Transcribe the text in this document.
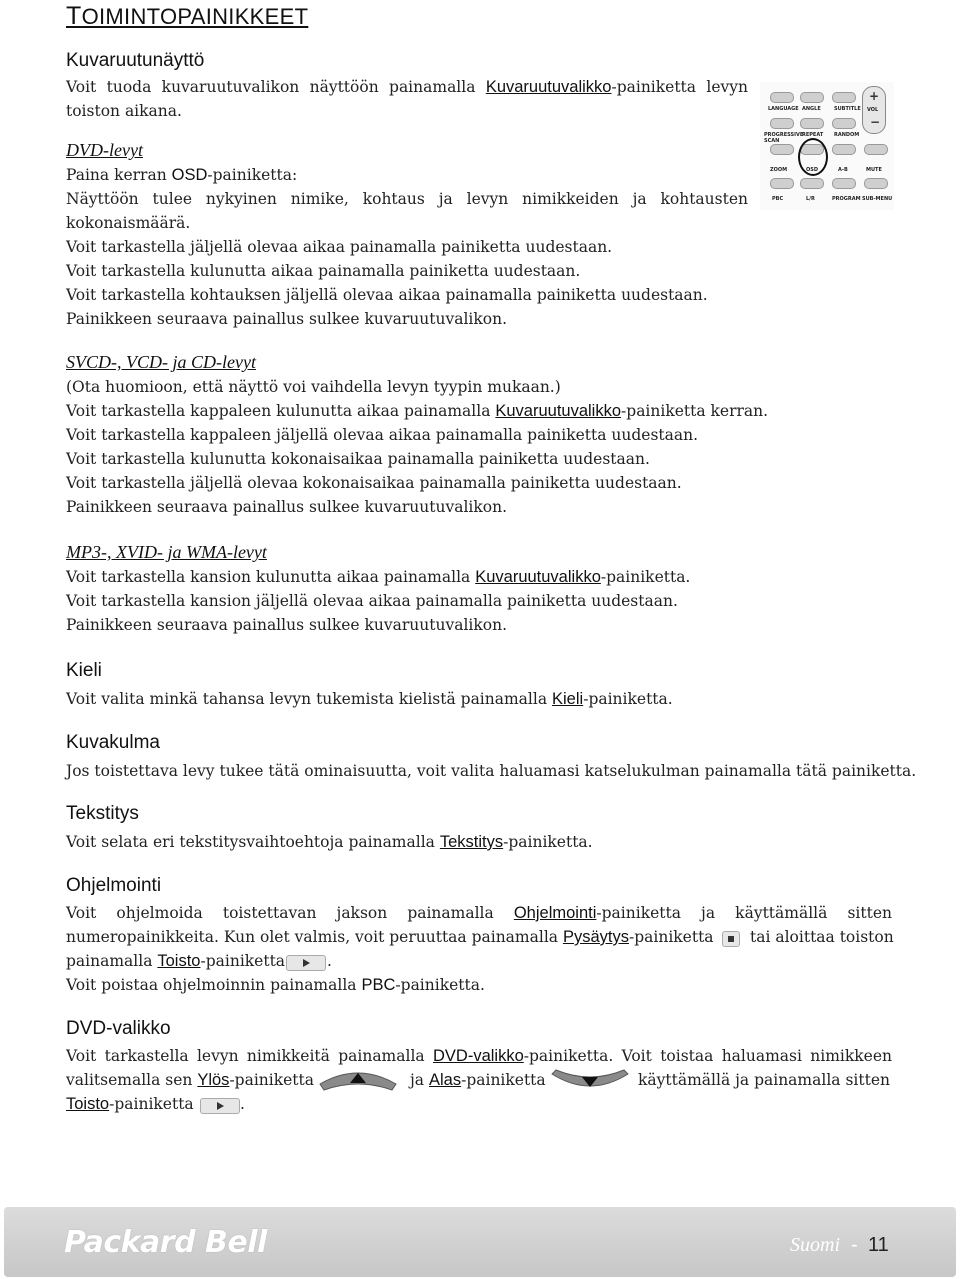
TOIMINTOPAINIKKEET
LANGUAGE ANGLE	SUBTITLE
PROGRESSIVE SCAN
REPEAT RANDOM
ZOOM	OSD	A-B	MUTE
PBC	L/R	PROGRAM SUB-MENU
+
VOL
−
Kuvaruutunäyttö
Voit tuoda kuvaruutuvalikon näyttöön painamalla Kuvaruutuvalikko-painiketta levyn
toiston aikana.
DVD-levyt
Paina kerran OSD-painiketta:
Näyttöön tulee nykyinen nimike, kohtaus ja levyn nimikkeiden ja kohtausten
kokonaismäärä.
Voit tarkastella jäljellä olevaa aikaa painamalla painiketta uudestaan.
Voit tarkastella kulunutta aikaa painamalla painiketta uudestaan.
Voit tarkastella kohtauksen jäljellä olevaa aikaa painamalla painiketta uudestaan.
Painikkeen seuraava painallus sulkee kuvaruutuvalikon.
SVCD-, VCD- ja CD-levyt
(Ota huomioon, että näyttö voi vaihdella levyn tyypin mukaan.)
Voit tarkastella kappaleen kulunutta aikaa painamalla Kuvaruutuvalikko-painiketta kerran.
Voit tarkastella kappaleen jäljellä olevaa aikaa painamalla painiketta uudestaan.
Voit tarkastella kulunutta kokonaisaikaa painamalla painiketta uudestaan.
Voit tarkastella jäljellä olevaa kokonaisaikaa painamalla painiketta uudestaan.
Painikkeen seuraava painallus sulkee kuvaruutuvalikon.
MP3-, XVID- ja WMA-levyt
Voit tarkastella kansion kulunutta aikaa painamalla Kuvaruutuvalikko-painiketta.
Voit tarkastella kansion jäljellä olevaa aikaa painamalla painiketta uudestaan.
Painikkeen seuraava painallus sulkee kuvaruutuvalikon.
Kieli
Voit valita minkä tahansa levyn tukemista kielistä painamalla Kieli-painiketta.
Kuvakulma
Jos toistettava levy tukee tätä ominaisuutta, voit valita haluamasi katselukulman painamalla tätä painiketta.
Tekstitys
Voit selata eri tekstitysvaihtoehtoja painamalla Tekstitys-painiketta.
Ohjelmointi
Voit ohjelmoida toistettavan jakson painamalla Ohjelmointi-painiketta ja käyttämällä sitten
numeropainikkeita. Kun olet valmis, voit peruuttaa painamalla Pysäytys-painiketta tai aloittaa toiston
painamalla Toisto-painiketta	.
Voit poistaa ohjelmoinnin painamalla PBC-painiketta.
DVD-valikko
Voit tarkastella levyn nimikkeitä painamalla DVD-valikko-painiketta. Voit toistaa haluamasi nimikkeen
valitsemalla sen Ylös-painiketta	ja Alas-painiketta	käyttämällä ja painamalla sitten
Toisto-painiketta	.
Packard Bell	Suomi - 11
